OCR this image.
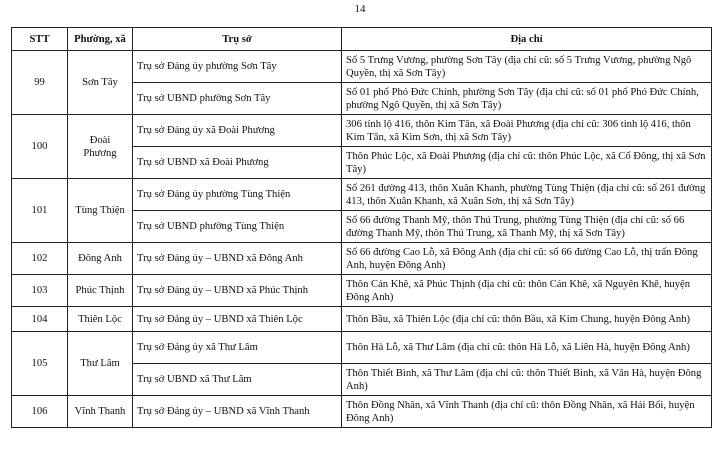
14
STT	Phường, xã	Trụ sở	Địa chỉ
99	Sơn Tây	Trụ sở Đảng ủy phường Sơn Tây	Số 5 Trưng Vương, phường Sơn Tây (địa chỉ cũ: số 5 Trưng Vương, phường Ngô Quyền, thị xã Sơn Tây)
		Trụ sở UBND phường Sơn Tây	Số 01 phố Phó Đức Chính, phường Sơn Tây (địa chỉ cũ: số 01 phố Phó Đức Chính, phường Ngô Quyền, thị xã Sơn Tây)
100	Đoài Phương	Trụ sở Đảng ủy xã Đoài Phương	306 tỉnh lộ 416, thôn Kim Tân, xã Đoài Phương (địa chỉ cũ: 306 tỉnh lộ 416, thôn Kim Tân, xã Kim Sơn, thị xã Sơn Tây)
		Trụ sở UBND xã Đoài Phương	Thôn Phúc Lộc, xã Đoài Phương (địa chỉ cũ: thôn Phúc Lộc, xã Cổ Đông, thị xã Sơn Tây)
101	Tùng Thiện	Trụ sở Đảng ủy phường Tùng Thiện	Số 261 đường 413, thôn Xuân Khanh, phường Tùng Thiện (địa chỉ cũ: số 261 đường 413, thôn Xuân Khanh, xã Xuân Sơn, thị xã Sơn Tây)
		Trụ sở UBND phường Tùng Thiện	Số 66 đường Thanh Mỹ, thôn Thú Trung, phường Tùng Thiện (địa chỉ cũ: số 66 đường Thanh Mỹ, thôn Thú Trung, xã Thanh Mỹ, thị xã Sơn Tây)
102	Đông Anh	Trụ sở Đảng ủy – UBND xã Đông Anh	Số 66 đường Cao Lỗ, xã Đông Anh (địa chỉ cũ: số 66 đường Cao Lỗ, thị trấn Đông Anh, huyện Đông Anh)
103	Phúc Thịnh	Trụ sở Đảng ủy – UBND xã Phúc Thịnh	Thôn Cán Khê, xã Phúc Thịnh (địa chỉ cũ: thôn Cán Khê, xã Nguyên Khê, huyện Đông Anh)
104	Thiên Lộc	Trụ sở Đảng ủy – UBND xã Thiên Lộc	Thôn Bầu, xã Thiên Lộc (địa chỉ cũ: thôn Bầu, xã Kim Chung, huyện Đông Anh)
105	Thư Lâm	Trụ sở Đảng ủy xã Thư Lâm	Thôn Hà Lỗ, xã Thư Lâm (địa chỉ cũ: thôn Hà Lỗ, xã Liên Hà, huyện Đông Anh)
		Trụ sở UBND xã Thư Lâm	Thôn Thiết Bình, xã Thư Lâm (địa chỉ cũ: thôn Thiết Bình, xã Vân Hà, huyện Đông Anh)
106	Vĩnh Thanh	Trụ sở Đảng ủy – UBND xã Vĩnh Thanh	Thôn Đồng Nhân, xã Vĩnh Thanh (địa chỉ cũ: thôn Đồng Nhân, xã Hải Bối, huyện Đông Anh)
